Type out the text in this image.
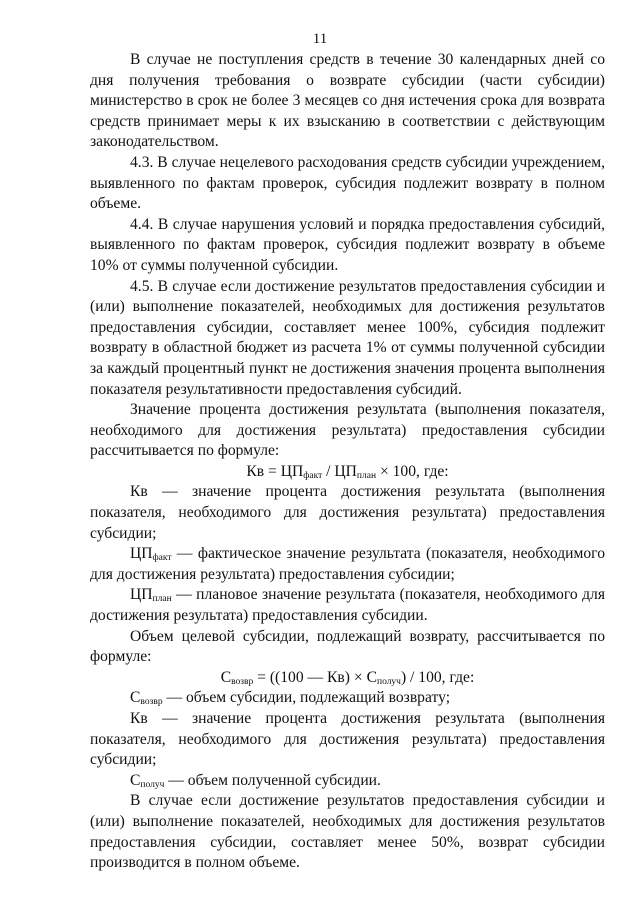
11

В случае не поступления средств в течение 30 календарных дней со дня получения требования о возврате субсидии (части субсидии) министерство в срок не более 3 месяцев со дня истечения срока для возврата средств принимает меры к их взысканию в соответствии с действующим законодательством.

4.3. В случае нецелевого расходования средств субсидии учреждением, выявленного по фактам проверок, субсидия подлежит возврату в полном объеме.

4.4. В случае нарушения условий и порядка предоставления субсидий, выявленного по фактам проверок, субсидия подлежит возврату в объеме 10% от суммы полученной субсидии.

4.5. В случае если достижение результатов предоставления субсидии и (или) выполнение показателей, необходимых для достижения результатов предоставления субсидии, составляет менее 100%, субсидия подлежит возврату в областной бюджет из расчета 1% от суммы полученной субсидии за каждый процентный пункт не достижения значения процента выполнения показателя результативности предоставления субсидий.

Значение процента достижения результата (выполнения показателя, необходимого для достижения результата) предоставления субсидии рассчитывается по формуле:

Кв = $ЦП_{факт} / ЦП_{план} \times 100$, где:

Кв — значение процента достижения результата (выполнения показателя, необходимого для достижения результата) предоставления субсидии;

$ЦП_{факт}$ — фактическое значение результата (показателя, необходимого для достижения результата) предоставления субсидии;

$ЦП_{план}$ — плановое значение результата (показателя, необходимого для достижения результата) предоставления субсидии.

Объем целевой субсидии, подлежащий возврату, рассчитывается по формуле:

$С_{возвр} = ((100$ — $Кв) \times С_{получ}) / 100$, где:

$С_{возвр}$ — объем субсидии, подлежащий возврату;

Кв — значение процента достижения результата (выполнения показателя, необходимого для достижения результата) предоставления субсидии;

$С_{получ}$ — объем полученной субсидии.

В случае если достижение результатов предоставления субсидии и (или) выполнение показателей, необходимых для достижения результатов предоставления субсидии, составляет менее 50%, возврат субсидии производится в полном объеме.
